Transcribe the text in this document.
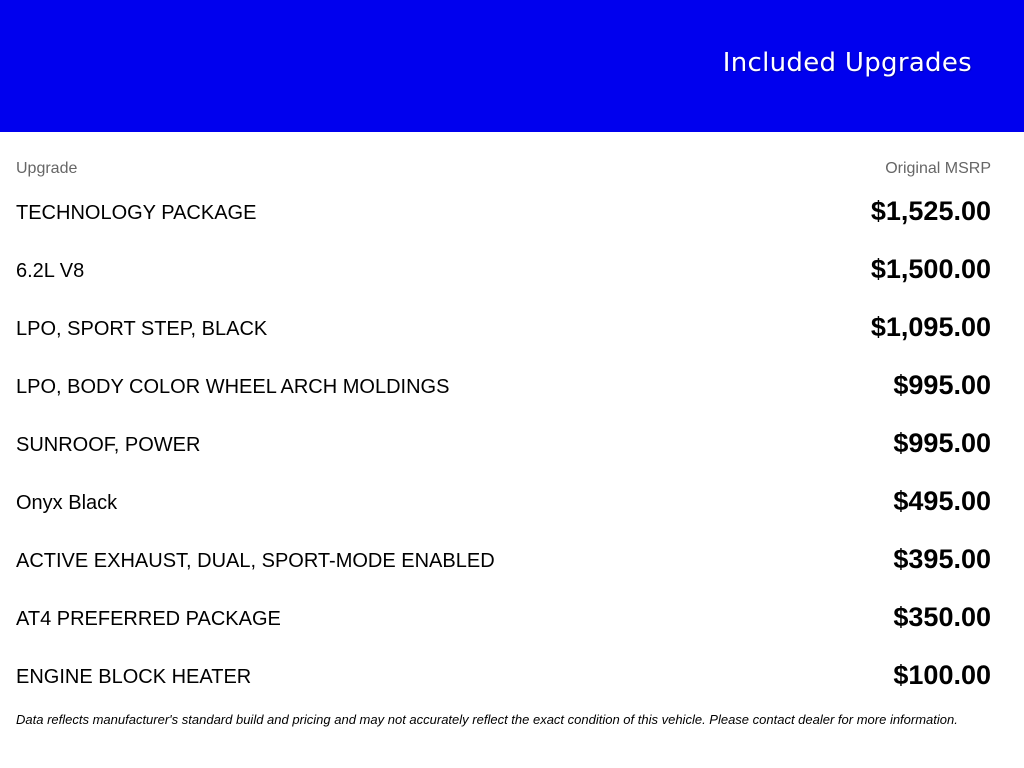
Included Upgrades
Upgrade	Original MSRP
TECHNOLOGY PACKAGE	$1,525.00
6.2L V8	$1,500.00
LPO, SPORT STEP, BLACK	$1,095.00
LPO, BODY COLOR WHEEL ARCH MOLDINGS	$995.00
SUNROOF, POWER	$995.00
Onyx Black	$495.00
ACTIVE EXHAUST, DUAL, SPORT-MODE ENABLED	$395.00
AT4 PREFERRED PACKAGE	$350.00
ENGINE BLOCK HEATER	$100.00
Data reflects manufacturer's standard build and pricing and may not accurately reflect the exact condition of this vehicle. Please contact dealer for more information.
